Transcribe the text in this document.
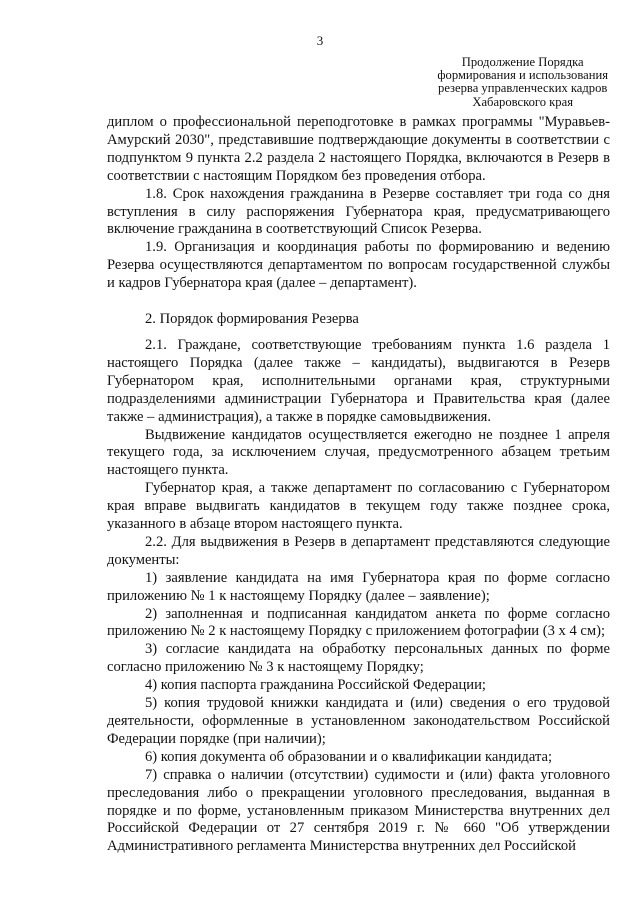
3
Продолжение Порядка
формирования и использования
резерва управленческих кадров
Хабаровского края

диплом о профессиональной переподготовке в рамках программы "Муравьев-Амурский 2030", представившие подтверждающие документы в соответствии с подпунктом 9 пункта 2.2 раздела 2 настоящего Порядка, включаются в Резерв в соответствии с настоящим Порядком без проведения отбора.

1.8. Срок нахождения гражданина в Резерве составляет три года со дня вступления в силу распоряжения Губернатора края, предусматривающего включение гражданина в соответствующий Список Резерва.

1.9. Организация и координация работы по формированию и ведению Резерва осуществляются департаментом по вопросам государственной службы и кадров Губернатора края (далее – департамент).

2. Порядок формирования Резерва

2.1. Граждане, соответствующие требованиям пункта 1.6 раздела 1 настоящего Порядка (далее также – кандидаты), выдвигаются в Резерв Губернатором края, исполнительными органами края, структурными подразделениями администрации Губернатора и Правительства края (далее также – администрация), а также в порядке самовыдвижения.

Выдвижение кандидатов осуществляется ежегодно не позднее 1 апреля текущего года, за исключением случая, предусмотренного абзацем третьим настоящего пункта.

Губернатор края, а также департамент по согласованию с Губернатором края вправе выдвигать кандидатов в текущем году также позднее срока, указанного в абзаце втором настоящего пункта.

2.2. Для выдвижения в Резерв в департамент представляются следующие документы:

1) заявление кандидата на имя Губернатора края по форме согласно приложению № 1 к настоящему Порядку (далее – заявление);

2) заполненная и подписанная кандидатом анкета по форме согласно приложению № 2 к настоящему Порядку с приложением фотографии (3 х 4 см);

3) согласие кандидата на обработку персональных данных по форме согласно приложению № 3 к настоящему Порядку;

4) копия паспорта гражданина Российской Федерации;

5) копия трудовой книжки кандидата и (или) сведения о его трудовой деятельности, оформленные в установленном законодательством Российской Федерации порядке (при наличии);

6) копия документа об образовании и о квалификации кандидата;

7) справка о наличии (отсутствии) судимости и (или) факта уголовного преследования либо о прекращении уголовного преследования, выданная в порядке и по форме, установленным приказом Министерства внутренних дел Российской Федерации от 27 сентября 2019 г. № 660 "Об утверждении Административного регламента Министерства внутренних дел Российской
